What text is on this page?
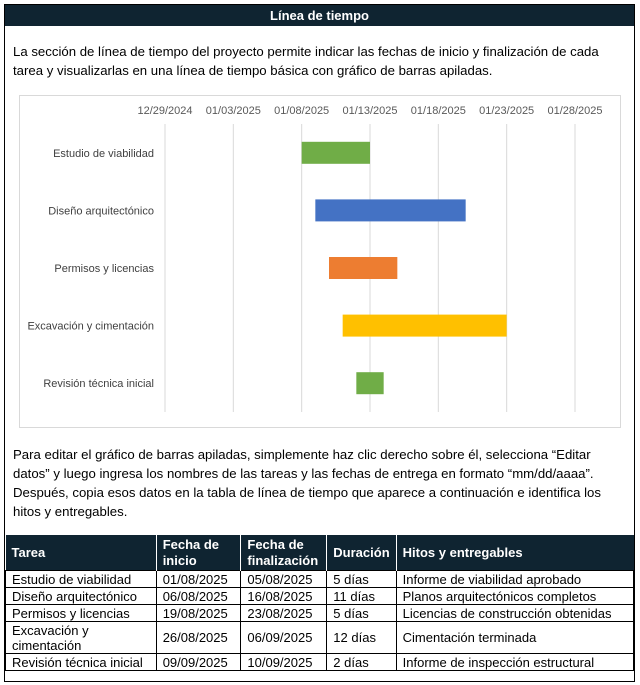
Línea de tiempo
La sección de línea de tiempo del proyecto permite indicar las fechas de inicio y finalización de cada tarea y visualizarlas en una línea de tiempo básica con gráfico de barras apiladas.
12/29/2024 01/03/2025 01/08/2025 01/13/2025 01/18/2025 01/23/2025 01/28/2025
Estudio de viabilidad
Diseño arquitectónico
Permisos y licencias
Excavación y cimentación
Revisión técnica inicial
Para editar el gráfico de barras apiladas, simplemente haz clic derecho sobre él, selecciona “Editar datos” y luego ingresa los nombres de las tareas y las fechas de entrega en formato “mm/dd/aaaa”. Después, copia esos datos en la tabla de línea de tiempo que aparece a continuación e identifica los hitos y entregables.
Tarea	Fecha de inicio	Fecha de finalización	Duración	Hitos y entregables
Estudio de viabilidad	01/08/2025	05/08/2025	5 días	Informe de viabilidad aprobado
Diseño arquitectónico	06/08/2025	16/08/2025	11 días	Planos arquitectónicos completos
Permisos y licencias	19/08/2025	23/08/2025	5 días	Licencias de construcción obtenidas
Excavación y cimentación	26/08/2025	06/09/2025	12 días	Cimentación terminada
Revisión técnica inicial	09/09/2025	10/09/2025	2 días	Informe de inspección estructural
